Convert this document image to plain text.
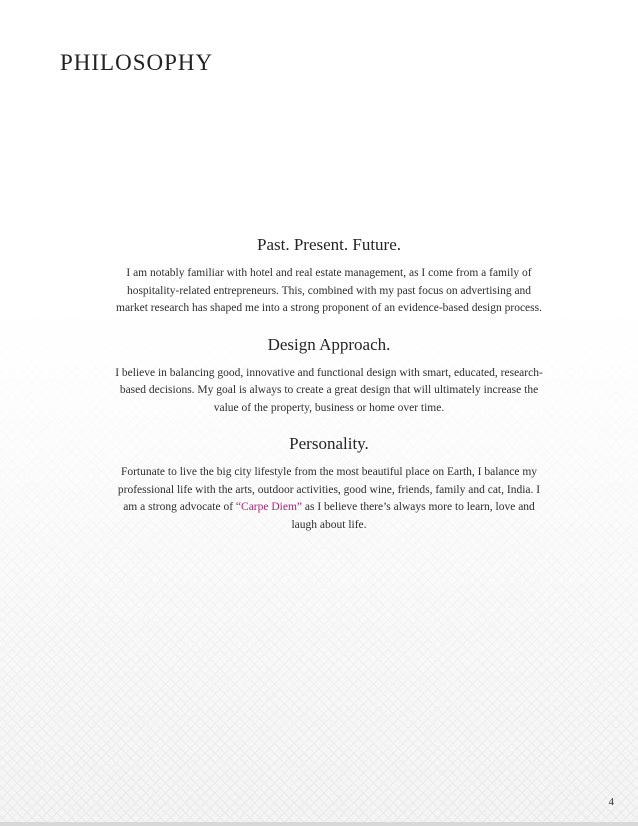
PHILOSOPHY
Past. Present. Future.

I am notably familiar with hotel and real estate management, as I come from a family of hospitality-related entrepreneurs. This, combined with my past focus on advertising and market research has shaped me into a strong proponent of an evidence-based design process.

Design Approach.

I believe in balancing good, innovative and functional design with smart, educated, research-based decisions. My goal is always to create a great design that will ultimately increase the value of the property, business or home over time.

Personality.

Fortunate to live the big city lifestyle from the most beautiful place on Earth, I balance my professional life with the arts, outdoor activities, good wine, friends, family and cat, India. I am a strong advocate of “Carpe Diem” as I believe there’s always more to learn, love and laugh about life.

4
